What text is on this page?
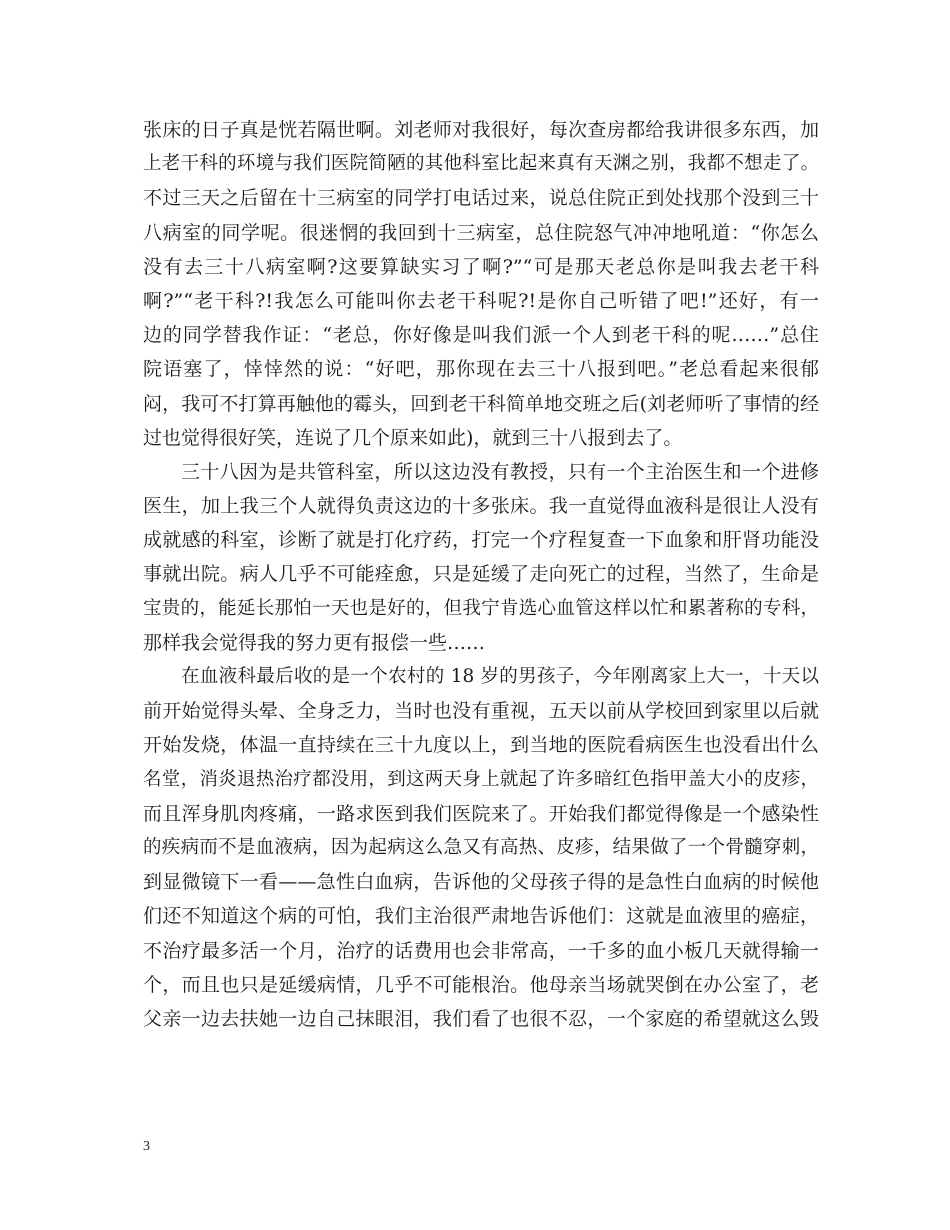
张床的日子真是恍若隔世啊。刘老师对我很好，每次查房都给我讲很多东西，加
上老干科的环境与我们医院简陋的其他科室比起来真有天渊之别，我都不想走了。
不过三天之后留在十三病室的同学打电话过来，说总住院正到处找那个没到三十
八病室的同学呢。很迷惘的我回到十三病室，总住院怒气冲冲地吼道：“你怎么
没有去三十八病室啊?这要算缺实习了啊?”“可是那天老总你是叫我去老干科
啊?”“老干科?!我怎么可能叫你去老干科呢?!是你自己听错了吧!”还好，有一
边的同学替我作证：“老总，你好像是叫我们派一个人到老干科的呢……”总住
院语塞了，悻悻然的说：“好吧，那你现在去三十八报到吧。”老总看起来很郁
闷，我可不打算再触他的霉头，回到老干科简单地交班之后(刘老师听了事情的经
过也觉得很好笑，连说了几个原来如此)，就到三十八报到去了。
三十八因为是共管科室，所以这边没有教授，只有一个主治医生和一个进修
医生，加上我三个人就得负责这边的十多张床。我一直觉得血液科是很让人没有
成就感的科室，诊断了就是打化疗药，打完一个疗程复查一下血象和肝肾功能没
事就出院。病人几乎不可能痊愈，只是延缓了走向死亡的过程，当然了，生命是
宝贵的，能延长那怕一天也是好的，但我宁肯选心血管这样以忙和累著称的专科，
那样我会觉得我的努力更有报偿一些……
在血液科最后收的是一个农村的 18 岁的男孩子，今年刚离家上大一，十天以
前开始觉得头晕、全身乏力，当时也没有重视，五天以前从学校回到家里以后就
开始发烧，体温一直持续在三十九度以上，到当地的医院看病医生也没看出什么
名堂，消炎退热治疗都没用，到这两天身上就起了许多暗红色指甲盖大小的皮疹，
而且浑身肌肉疼痛，一路求医到我们医院来了。开始我们都觉得像是一个感染性
的疾病而不是血液病，因为起病这么急又有高热、皮疹，结果做了一个骨髓穿刺，
到显微镜下一看——急性白血病，告诉他的父母孩子得的是急性白血病的时候他
们还不知道这个病的可怕，我们主治很严肃地告诉他们：这就是血液里的癌症，
不治疗最多活一个月，治疗的话费用也会非常高，一千多的血小板几天就得输一
个，而且也只是延缓病情，几乎不可能根治。他母亲当场就哭倒在办公室了，老
父亲一边去扶她一边自己抹眼泪，我们看了也很不忍，一个家庭的希望就这么毁
3
